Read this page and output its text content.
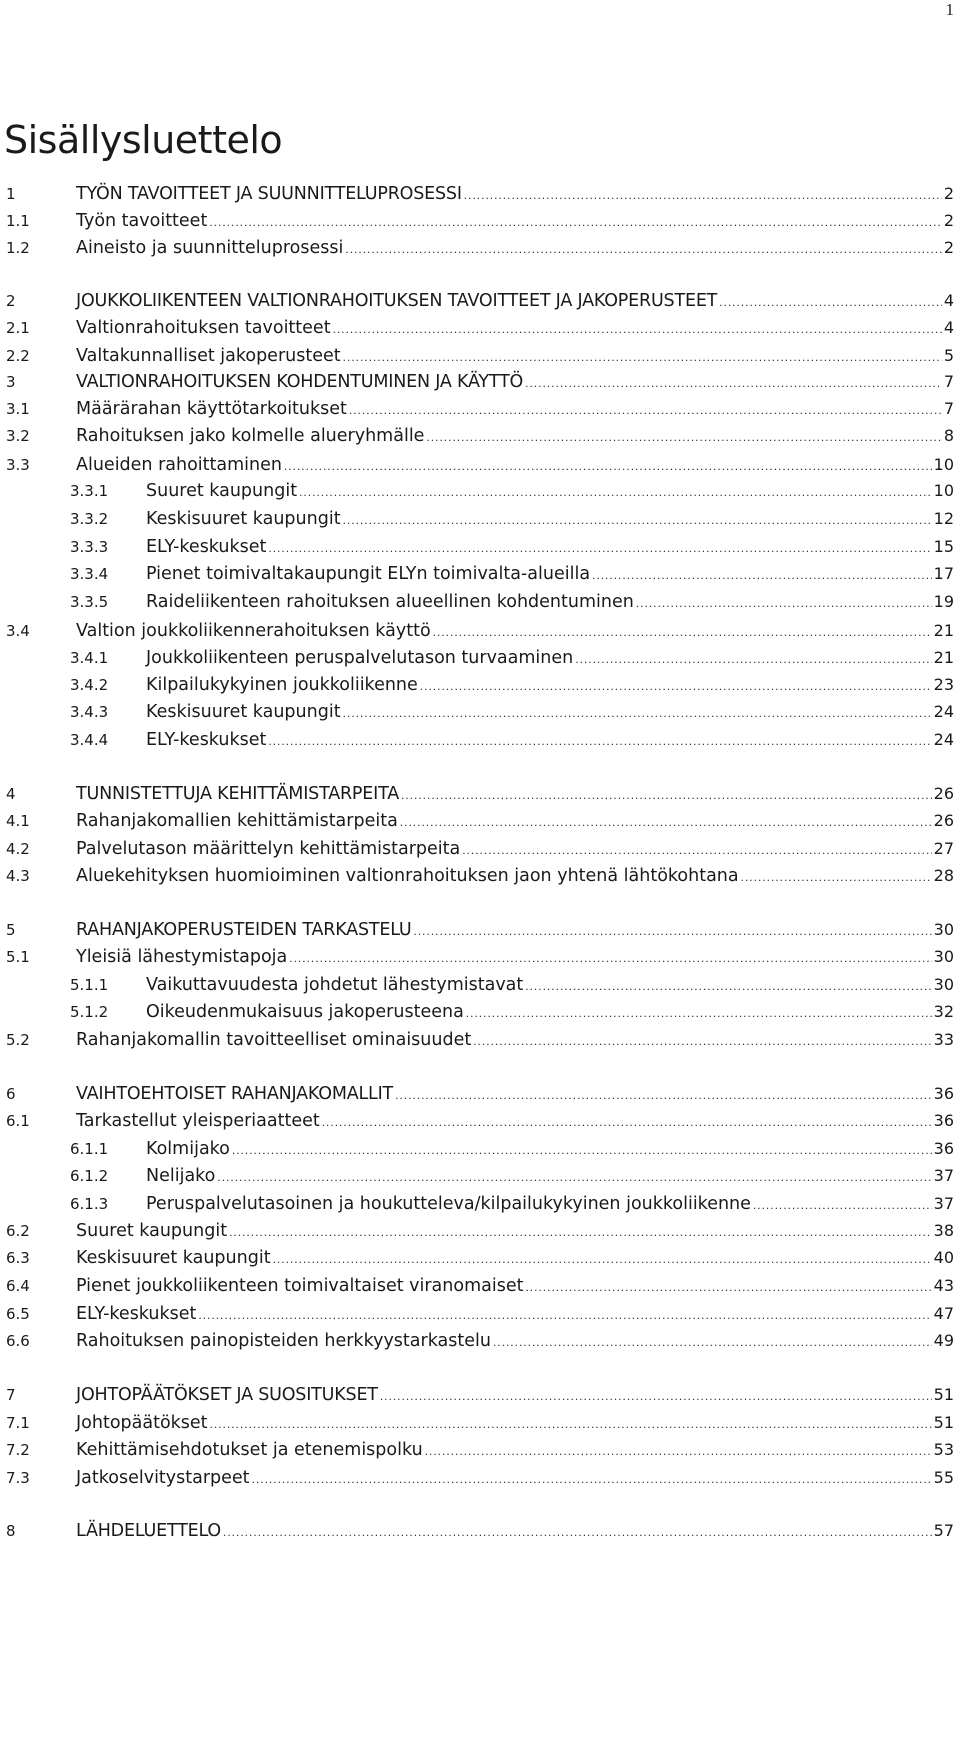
1
Sisällysluettelo
1	TYÖN TAVOITTEET JA SUUNNITTELUPROSESSI .....	2
1.1	Työn tavoitteet .....	2
1.2	Aineisto ja suunnitteluprosessi .....	2
2	JOUKKOLIIKENTEEN VALTIONRAHOITUKSEN TAVOITTEET JA JAKOPERUSTEET .....	4
2.1	Valtionrahoituksen tavoitteet .....	4
2.2	Valtakunnalliset jakoperusteet .....	5
3	VALTIONRAHOITUKSEN KOHDENTUMINEN JA KÄYTTÖ .....	7
3.1	Määrärahan käyttötarkoitukset .....	7
3.2	Rahoituksen jako kolmelle alueryhmälle .....	8
3.3	Alueiden rahoittaminen .....	10
3.3.1	Suuret kaupungit .....	10
3.3.2	Keskisuuret kaupungit .....	12
3.3.3	ELY-keskukset .....	15
3.3.4	Pienet toimivaltakaupungit ELYn toimivalta-alueilla .....	17
3.3.5	Raideliikenteen rahoituksen alueellinen kohdentuminen .....	19
3.4	Valtion joukkoliikennerahoituksen käyttö .....	21
3.4.1	Joukkoliikenteen peruspalvelutason turvaaminen .....	21
3.4.2	Kilpailukykyinen joukkoliikenne .....	23
3.4.3	Keskisuuret kaupungit .....	24
3.4.4	ELY-keskukset .....	24
4	TUNNISTETTUJA KEHITTÄMISTARPEITA .....	26
4.1	Rahanjakomallien kehittämistarpeita .....	26
4.2	Palvelutason määrittelyn kehittämistarpeita .....	27
4.3	Aluekehityksen huomioiminen valtionrahoituksen jaon yhtenä lähtökohtana .....	28
5	RAHANJAKOPERUSTEIDEN TARKASTELU .....	30
5.1	Yleisiä lähestymistapoja .....	30
5.1.1	Vaikuttavuudesta johdetut lähestymistavat .....	30
5.1.2	Oikeudenmukaisuus jakoperusteena .....	32
5.2	Rahanjakomallin tavoitteelliset ominaisuudet .....	33
6	VAIHTOEHTOISET RAHANJAKOMALLIT .....	36
6.1	Tarkastellut yleisperiaatteet .....	36
6.1.1	Kolmijako .....	36
6.1.2	Nelijako .....	37
6.1.3	Peruspalvelutasoinen ja houkutteleva/kilpailukykyinen joukkoliikenne .....	37
6.2	Suuret kaupungit .....	38
6.3	Keskisuuret kaupungit .....	40
6.4	Pienet joukkoliikenteen toimivaltaiset viranomaiset .....	43
6.5	ELY-keskukset .....	47
6.6	Rahoituksen painopisteiden herkkyystarkastelu .....	49
7	JOHTOPÄÄTÖKSET JA SUOSITUKSET .....	51
7.1	Johtopäätökset .....	51
7.2	Kehittämisehdotukset ja etenemispolku .....	53
7.3	Jatkoselvitystarpeet .....	55
8	LÄHDELUETTELO .....	57
